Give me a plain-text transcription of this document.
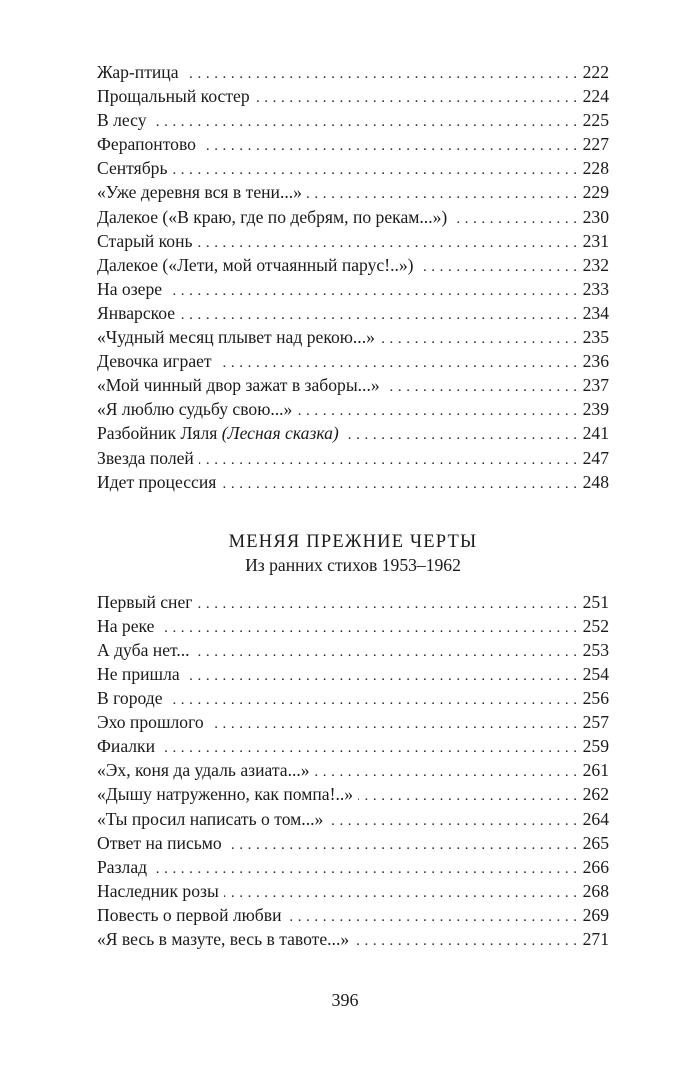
Жар-птица .....	222
Прощальный костер .....	224
В лесу .....	225
Ферапонтово .....	227
Сентябрь .....	228
«Уже деревня вся в тени...» .....	229
Далекое («В краю, где по дебрям, по рекам...») .....	230
Старый конь .....	231
Далекое («Лети, мой отчаянный парус!..») .....	232
На озере .....	233
Январское .....	234
«Чудный месяц плывет над рекою...» .....	235
Девочка играет .....	236
«Мой чинный двор зажат в заборы...» .....	237
«Я люблю судьбу свою...» .....	239
Разбойник Ляля (Лесная сказка) .....	241
Звезда полей .....	247
Идет процессия .....	248
МЕНЯЯ ПРЕЖНИЕ ЧЕРТЫ
Из ранних стихов 1953–1962
Первый снег .....	251
На реке .....	252
А дуба нет... .....	253
Не пришла .....	254
В городе .....	256
Эхо прошлого .....	257
Фиалки .....	259
«Эх, коня да удаль азиата...» .....	261
«Дышу натруженно, как помпа!..» .....	262
«Ты просил написать о том...» .....	264
Ответ на письмо .....	265
Разлад .....	266
Наследник розы .....	268
Повесть о первой любви .....	269
«Я весь в мазуте, весь в тавоте...» .....	271
396
